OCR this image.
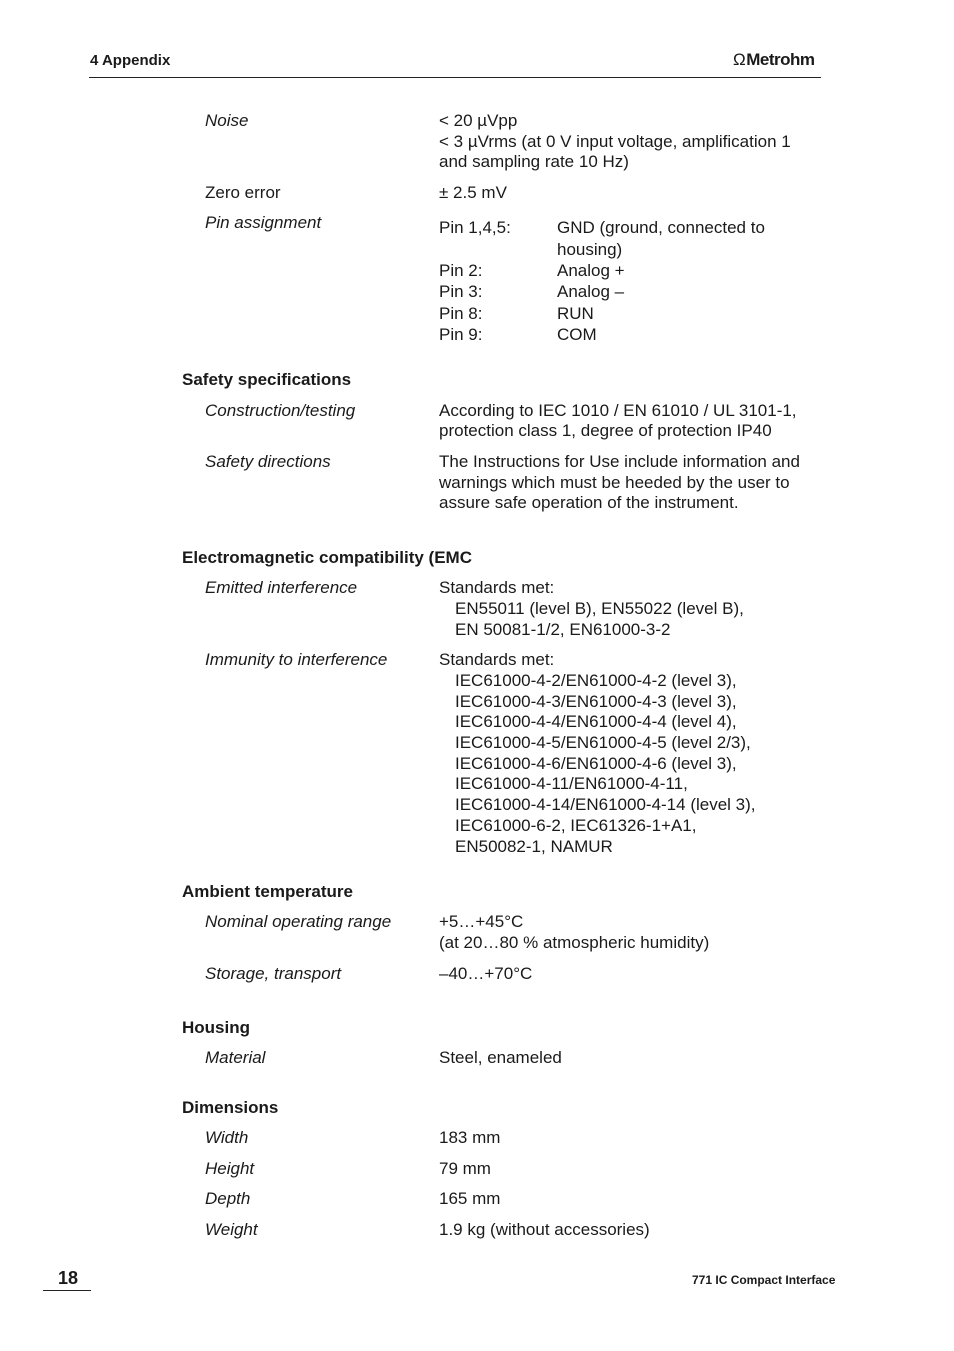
4 Appendix	ΩMetrohm
Noise	< 20 µVpp
< 3 µVrms (at 0 V input voltage, amplification 1
and sampling rate 10 Hz)
Zero error	± 2.5 mV
Pin assignment	Pin 1,4,5:	GND (ground, connected to
housing)
Pin 2:	Analog +
Pin 3:	Analog –
Pin 8:	RUN
Pin 9:	COM
Safety specifications
Construction/testing	According to IEC 1010 / EN 61010 / UL 3101-1,
protection class 1, degree of protection IP40
Safety directions	The Instructions for Use include information and
warnings which must be heeded by the user to
assure safe operation of the instrument.
Electromagnetic compatibility (EMC
Emitted interference	Standards met:
EN55011 (level B), EN55022 (level B),
EN 50081-1/2, EN61000-3-2
Immunity to interference	Standards met:
IEC61000-4-2/EN61000-4-2 (level 3),
IEC61000-4-3/EN61000-4-3 (level 3),
IEC61000-4-4/EN61000-4-4 (level 4),
IEC61000-4-5/EN61000-4-5 (level 2/3),
IEC61000-4-6/EN61000-4-6 (level 3),
IEC61000-4-11/EN61000-4-11,
IEC61000-4-14/EN61000-4-14 (level 3),
IEC61000-6-2, IEC61326-1+A1,
EN50082-1, NAMUR
Ambient temperature
Nominal operating range	+5…+45°C
(at 20…80 % atmospheric humidity)
Storage, transport	–40…+70°C
Housing
Material	Steel, enameled
Dimensions
Width	183 mm
Height	79 mm
Depth	165 mm
Weight	1.9 kg (without accessories)
18	771 IC Compact Interface
